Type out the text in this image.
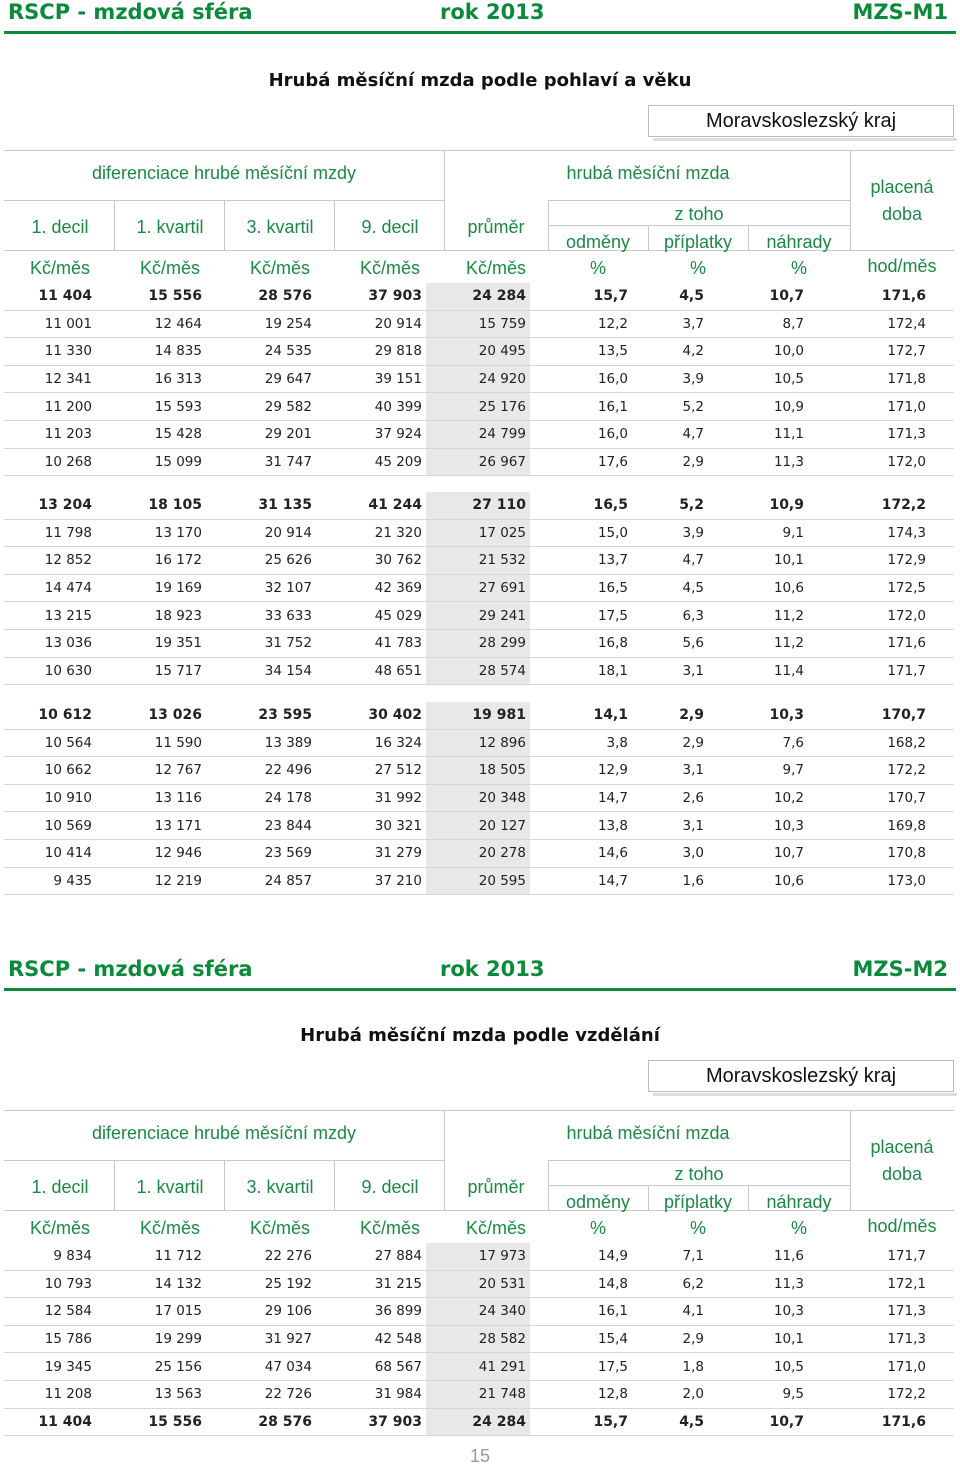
RSCP - mzdová sféra	rok 2013	MZS-M1
Hrubá měsíční mzda podle pohlaví a věku
Moravskoslezský kraj
diferenciace hrubé měsíční mzdy	hrubá měsíční mzda
placená
doba
z toho
1. decil	1. kvartil 3. kvartil	9. decil	průměr
odměny příplatky náhrady
Kč/měs	Kč/měs	Kč/měs	Kč/měs	Kč/měs	%	%	%	hod/měs
11 404	15 556	28 576	37 903	24 284	15,7	4,5	10,7	171,6
11 001	12 464	19 254	20 914	15 759	12,2	3,7	8,7	172,4
11 330	14 835	24 535	29 818	20 495	13,5	4,2	10,0	172,7
12 341	16 313	29 647	39 151	24 920	16,0	3,9	10,5	171,8
11 200	15 593	29 582	40 399	25 176	16,1	5,2	10,9	171,0
11 203	15 428	29 201	37 924	24 799	16,0	4,7	11,1	171,3
10 268	15 099	31 747	45 209	26 967	17,6	2,9	11,3	172,0
13 204	18 105	31 135	41 244	27 110	16,5	5,2	10,9	172,2
11 798	13 170	20 914	21 320	17 025	15,0	3,9	9,1	174,3
12 852	16 172	25 626	30 762	21 532	13,7	4,7	10,1	172,9
14 474	19 169	32 107	42 369	27 691	16,5	4,5	10,6	172,5
13 215	18 923	33 633	45 029	29 241	17,5	6,3	11,2	172,0
13 036	19 351	31 752	41 783	28 299	16,8	5,6	11,2	171,6
10 630	15 717	34 154	48 651	28 574	18,1	3,1	11,4	171,7
10 612	13 026	23 595	30 402	19 981	14,1	2,9	10,3	170,7
10 564	11 590	13 389	16 324	12 896	3,8	2,9	7,6	168,2
10 662	12 767	22 496	27 512	18 505	12,9	3,1	9,7	172,2
10 910	13 116	24 178	31 992	20 348	14,7	2,6	10,2	170,7
10 569	13 171	23 844	30 321	20 127	13,8	3,1	10,3	169,8
10 414	12 946	23 569	31 279	20 278	14,6	3,0	10,7	170,8
9 435	12 219	24 857	37 210	20 595	14,7	1,6	10,6	173,0
RSCP - mzdová sféra	rok 2013	MZS-M2
Hrubá měsíční mzda podle vzdělání
Moravskoslezský kraj
diferenciace hrubé měsíční mzdy	hrubá měsíční mzda
placená
doba
z toho
1. decil	1. kvartil 3. kvartil	9. decil	průměr
odměny příplatky náhrady
Kč/měs	Kč/měs	Kč/měs	Kč/měs	Kč/měs	%	%	%	hod/měs
9 834	11 712	22 276	27 884	17 973	14,9	7,1	11,6	171,7
10 793	14 132	25 192	31 215	20 531	14,8	6,2	11,3	172,1
12 584	17 015	29 106	36 899	24 340	16,1	4,1	10,3	171,3
15 786	19 299	31 927	42 548	28 582	15,4	2,9	10,1	171,3
19 345	25 156	47 034	68 567	41 291	17,5	1,8	10,5	171,0
11 208	13 563	22 726	31 984	21 748	12,8	2,0	9,5	172,2
11 404	15 556	28 576	37 903	24 284	15,7	4,5	10,7	171,6
15
